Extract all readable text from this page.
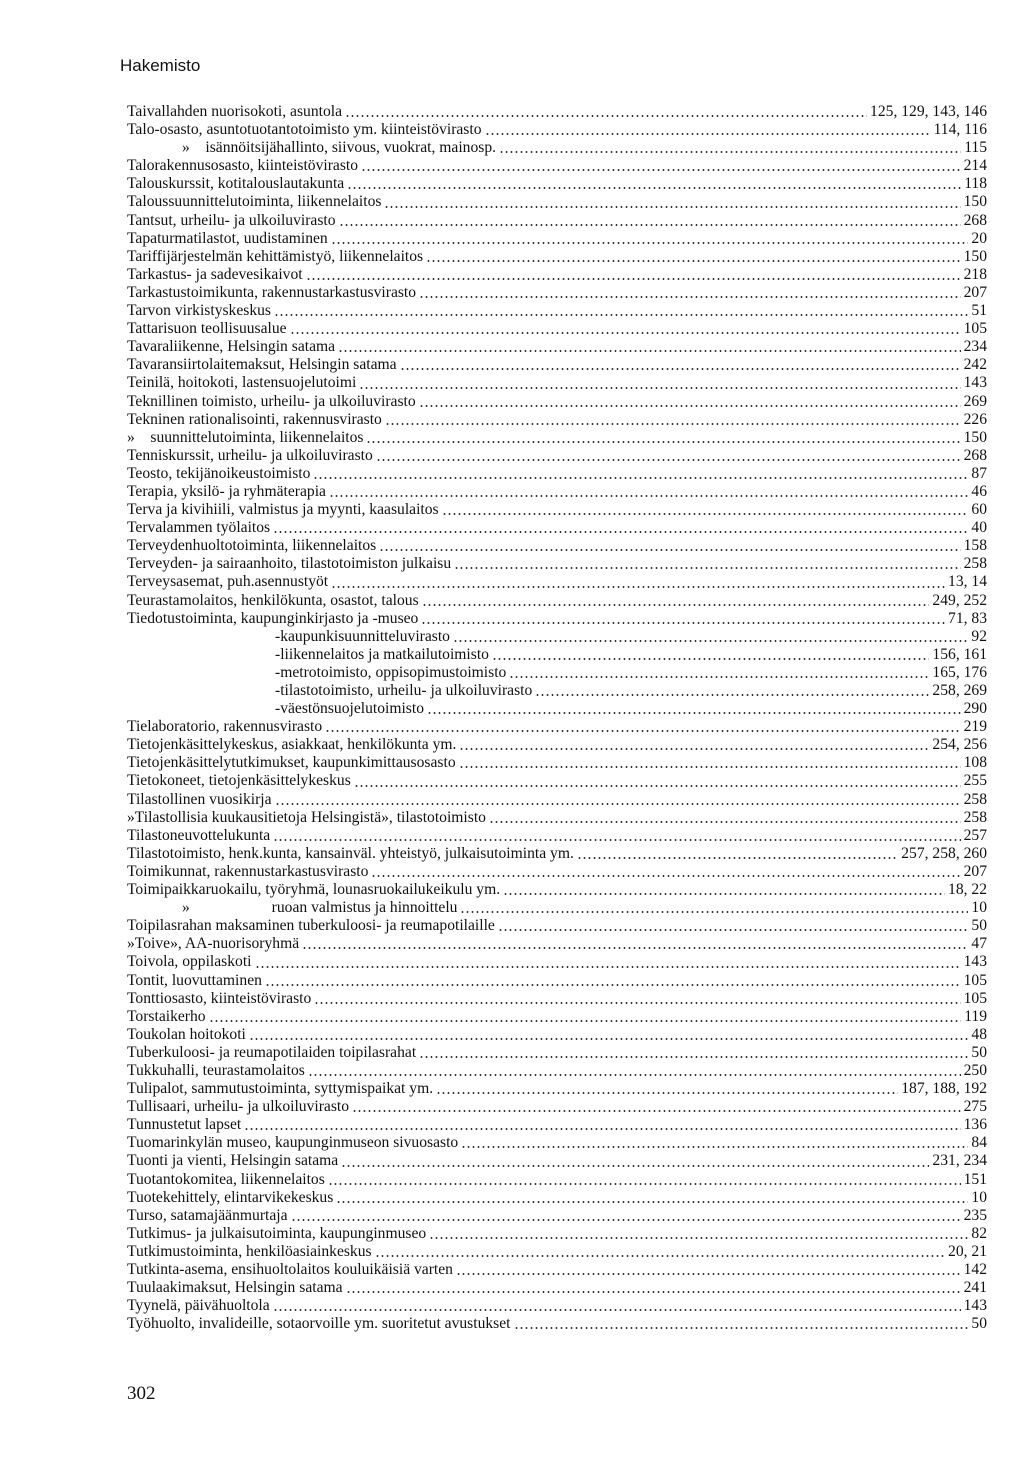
Hakemisto
Taivallahden nuorisokoti, asuntola	125, 129, 143, 146
Talo-osasto, asuntotuotantotoimisto ym. kiinteistövirasto	114, 116
»    isännöitsijähallinto, siivous, vuokrat, mainosp.	115
Talorakennusosasto, kiinteistövirasto	214
Talouskurssit, kotitalouslautakunta	118
Taloussuunnittelutoiminta, liikennelaitos	150
Tantsut, urheilu- ja ulkoiluvirasto	268
Tapaturmatilastot, uudistaminen	20
Tariffijärjestelmän kehittämistyö, liikennelaitos	150
Tarkastus- ja sadevesikaivot	218
Tarkastustoimikunta, rakennustarkastusvirasto	207
Tarvon virkistyskeskus	51
Tattarisuon teollisuusalue	105
Tavaraliikenne, Helsingin satama	234
Tavaransiirtolaitemaksut, Helsingin satama	242
Teinilä, hoitokoti, lastensuojelutoimi	143
Teknillinen toimisto, urheilu- ja ulkoiluvirasto	269
Tekninen rationalisointi, rakennusvirasto	226
»    suunnittelutoiminta, liikennelaitos	150
Tenniskurssit, urheilu- ja ulkoiluvirasto	268
Teosto, tekijänoikeustoimisto	87
Terapia, yksilö- ja ryhmäterapia	46
Terva ja kivihiili, valmistus ja myynti, kaasulaitos	60
Tervalammen työlaitos	40
Terveydenhuoltotoiminta, liikennelaitos	158
Terveyden- ja sairaanhoito, tilastotoimiston julkaisu	258
Terveysasemat, puh.asennustyöt	13, 14
Teurastamolaitos, henkilökunta, osastot, talous	249, 252
Tiedotustoiminta, kaupunginkirjasto ja -museo	71, 83
-kaupunkisuunnitteluvirasto	92
-liikennelaitos ja matkailutoimisto	156, 161
-metrotoimisto, oppisopimustoimisto	165, 176
-tilastotoimisto, urheilu- ja ulkoiluvirasto	258, 269
-väestönsuojelutoimisto	290
Tielaboratorio, rakennusvirasto	219
Tietojenkäsittelykeskus, asiakkaat, henkilökunta ym.	254, 256
Tietojenkäsittelytutkimukset, kaupunkimittausosasto	108
Tietokoneet, tietojenkäsittelykeskus	255
Tilastollinen vuosikirja	258
»Tilastollisia kuukausitietoja Helsingistä», tilastotoimisto	258
Tilastoneuvottelukunta	257
Tilastotoimisto, henk.kunta, kansainväl. yhteistyö, julkaisutoiminta ym.	257, 258, 260
Toimikunnat, rakennustarkastusvirasto	207
Toimipaikkaruokailu, työryhmä, lounasruokailukeikulu ym.	18, 22
»                     ruoan valmistus ja hinnoittelu	10
Toipilasrahan maksaminen tuberkuloosi- ja reumapotilaille	50
»Toive», AA-nuorisoryhmä	47
Toivola, oppilaskoti	143
Tontit, luovuttaminen	105
Tonttiosasto, kiinteistövirasto	105
Torstaikerho	119
Toukolan hoitokoti	48
Tuberkuloosi- ja reumapotilaiden toipilasrahat	50
Tukkuhalli, teurastamolaitos	250
Tulipalot, sammutustoiminta, syttymispaikat ym.	187, 188, 192
Tullisaari, urheilu- ja ulkoiluvirasto	275
Tunnustetut lapset	136
Tuomarinkylän museo, kaupunginmuseon sivuosasto	84
Tuonti ja vienti, Helsingin satama	231, 234
Tuotantokomitea, liikennelaitos	151
Tuotekehittely, elintarvikekeskus	10
Turso, satamajäänmurtaja	235
Tutkimus- ja julkaisutoiminta, kaupunginmuseo	82
Tutkimustoiminta, henkilöasiainkeskus	20, 21
Tutkinta-asema, ensihuoltolaitos kouluikäisiä varten	142
Tuulaakimaksut, Helsingin satama	241
Tyynelä, päivähuoltola	143
Työhuolto, invalideille, sotaorvoille ym. suoritetut avustukset	50
302
